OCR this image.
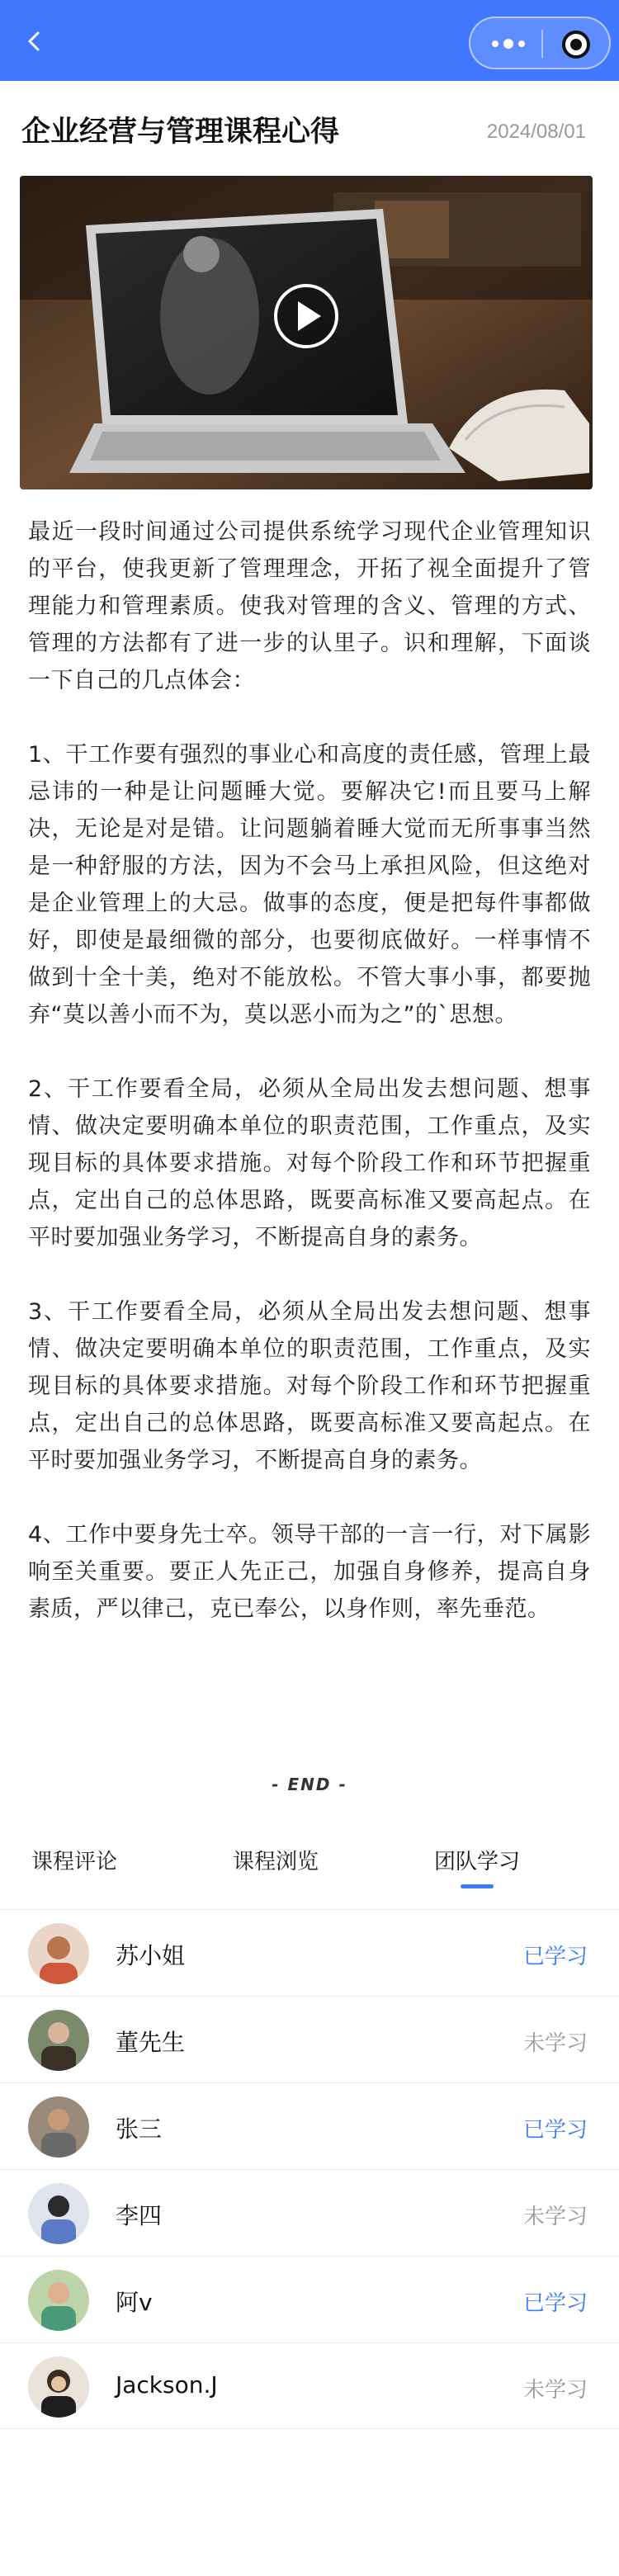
企业经营与管理课程心得	2024/08/01

最近一段时间通过公司提供系统学习现代企业管理知识的平台，使我更新了管理理念，开拓了视全面提升了管理能力和管理素质。使我对管理的含义、管理的方式、管理的方法都有了进一步的认里子。识和理解，下面谈一下自己的几点体会：

1、干工作要有强烈的事业心和高度的责任感，管理上最忌讳的一种是让问题睡大觉。要解决它!而且要马上解决，无论是对是错。让问题躺着睡大觉而无所事事当然是一种舒服的方法，因为不会马上承担风险，但这绝对是企业管理上的大忌。做事的态度，便是把每件事都做好，即使是最细微的部分，也要彻底做好。一样事情不做到十全十美，绝对不能放松。不管大事小事，都要抛弃“莫以善小而不为，莫以恶小而为之”的`思想。

2、干工作要看全局，必须从全局出发去想问题、想事情、做决定要明确本单位的职责范围，工作重点，及实现目标的具体要求措施。对每个阶段工作和环节把握重点，定出自己的总体思路，既要高标准又要高起点。在平时要加强业务学习，不断提高自身的素务。

3、干工作要看全局，必须从全局出发去想问题、想事情、做决定要明确本单位的职责范围，工作重点，及实现目标的具体要求措施。对每个阶段工作和环节把握重点，定出自己的总体思路，既要高标准又要高起点。在平时要加强业务学习，不断提高自身的素务。

4、工作中要身先士卒。领导干部的一言一行，对下属影响至关重要。要正人先正己，加强自身修养，提高自身素质，严以律己，克已奉公，以身作则，率先垂范。

- END -
课程评论	课程浏览	团队学习
苏小姐	已学习
董先生	未学习
张三	已学习
李四	未学习
阿v	已学习
Jackson.J	未学习
